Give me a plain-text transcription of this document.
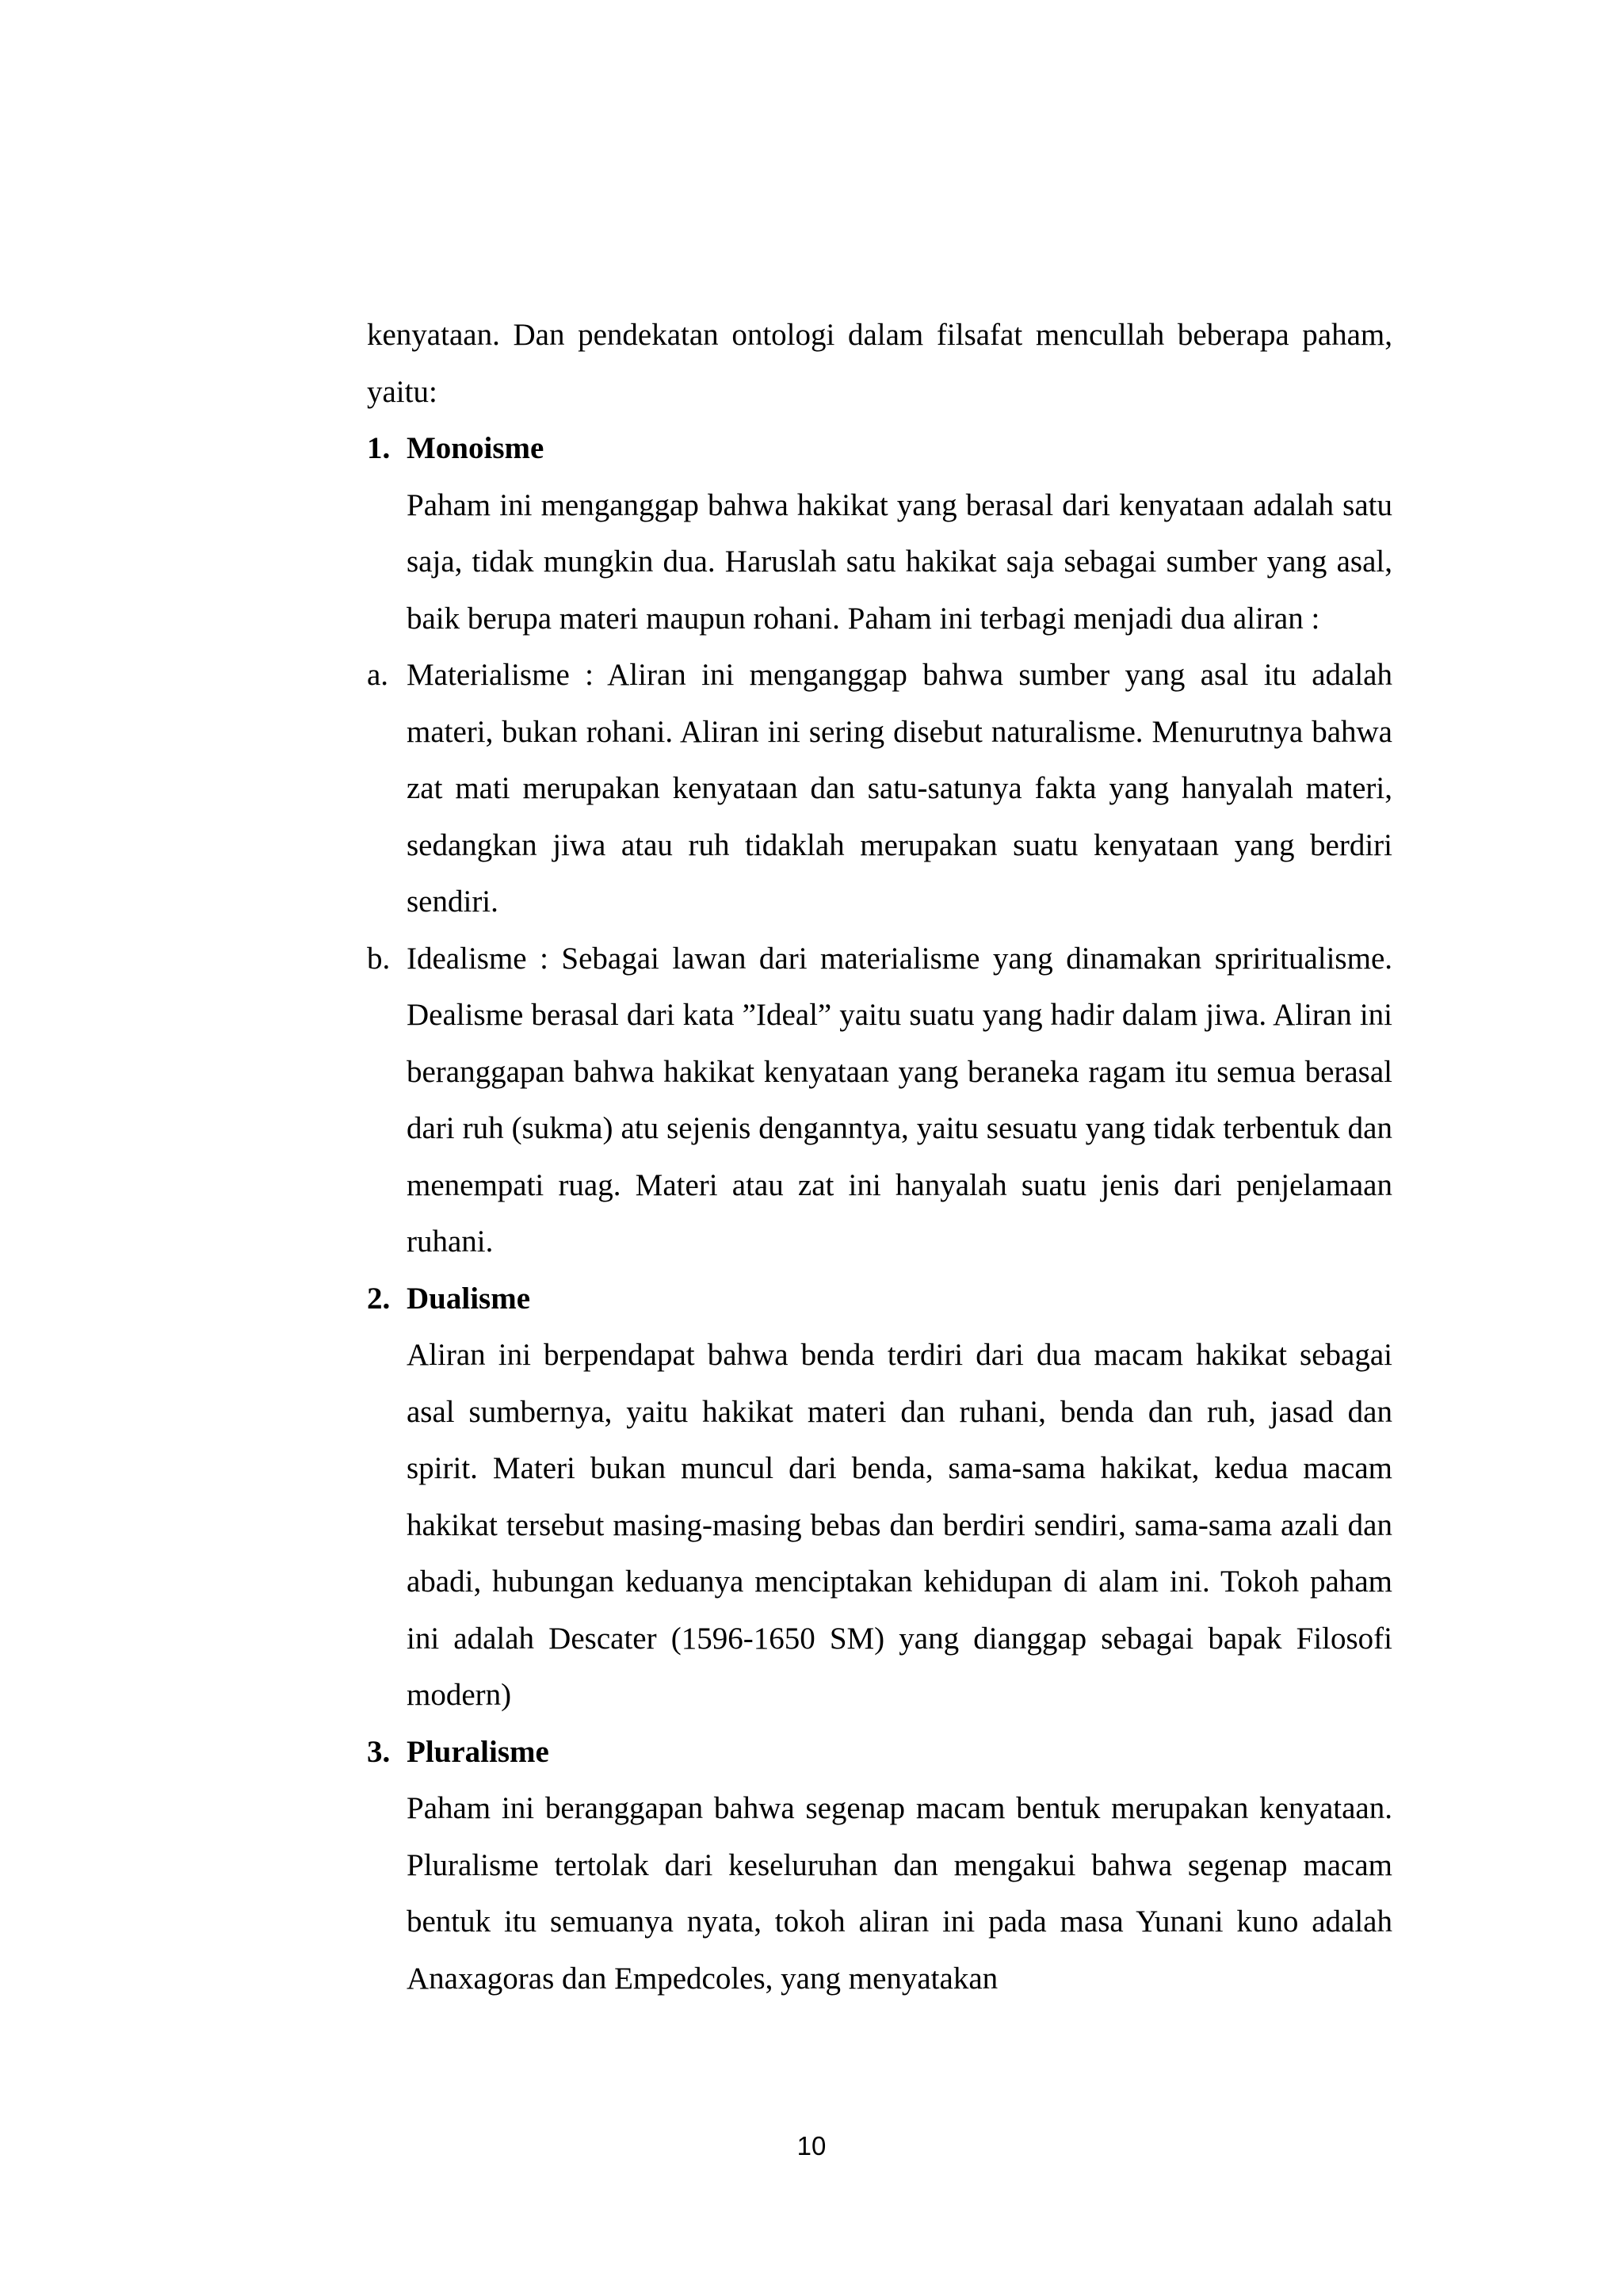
kenyataan. Dan pendekatan ontologi dalam filsafat mencullah beberapa paham, yaitu:

1. Monoisme

Paham ini menganggap bahwa hakikat yang berasal dari kenyataan adalah satu saja, tidak mungkin dua. Haruslah satu hakikat saja sebagai sumber yang asal, baik berupa materi maupun rohani. Paham ini terbagi menjadi dua aliran :

a. Materialisme : Aliran ini menganggap bahwa sumber yang asal itu adalah materi, bukan rohani. Aliran ini sering disebut naturalisme. Menurutnya bahwa zat mati merupakan kenyataan dan satu-satunya fakta yang hanyalah materi, sedangkan jiwa atau ruh tidaklah merupakan suatu kenyataan yang berdiri sendiri.
b. Idealisme : Sebagai lawan dari materialisme yang dinamakan spriritualisme. Dealisme berasal dari kata ”Ideal” yaitu suatu yang hadir dalam jiwa. Aliran ini beranggapan bahwa hakikat kenyataan yang beraneka ragam itu semua berasal dari ruh (sukma) atu sejenis denganntya, yaitu sesuatu yang tidak terbentuk dan menempati ruag. Materi atau zat ini hanyalah suatu jenis dari penjelamaan ruhani.
2. Dualisme

Aliran ini berpendapat bahwa benda terdiri dari dua macam hakikat sebagai asal sumbernya, yaitu hakikat materi dan ruhani, benda dan ruh, jasad dan spirit. Materi bukan muncul dari benda, sama-sama hakikat, kedua macam hakikat tersebut masing-masing bebas dan berdiri sendiri, sama-sama azali dan abadi, hubungan keduanya menciptakan kehidupan di alam ini. Tokoh paham ini adalah Descater (1596-1650 SM) yang dianggap sebagai bapak Filosofi modern)

3. Pluralisme

Paham ini beranggapan bahwa segenap macam bentuk merupakan kenyataan. Pluralisme tertolak dari keseluruhan dan mengakui bahwa segenap macam bentuk itu semuanya nyata, tokoh aliran ini pada masa Yunani kuno adalah Anaxagoras dan Empedcoles, yang menyatakan

10
